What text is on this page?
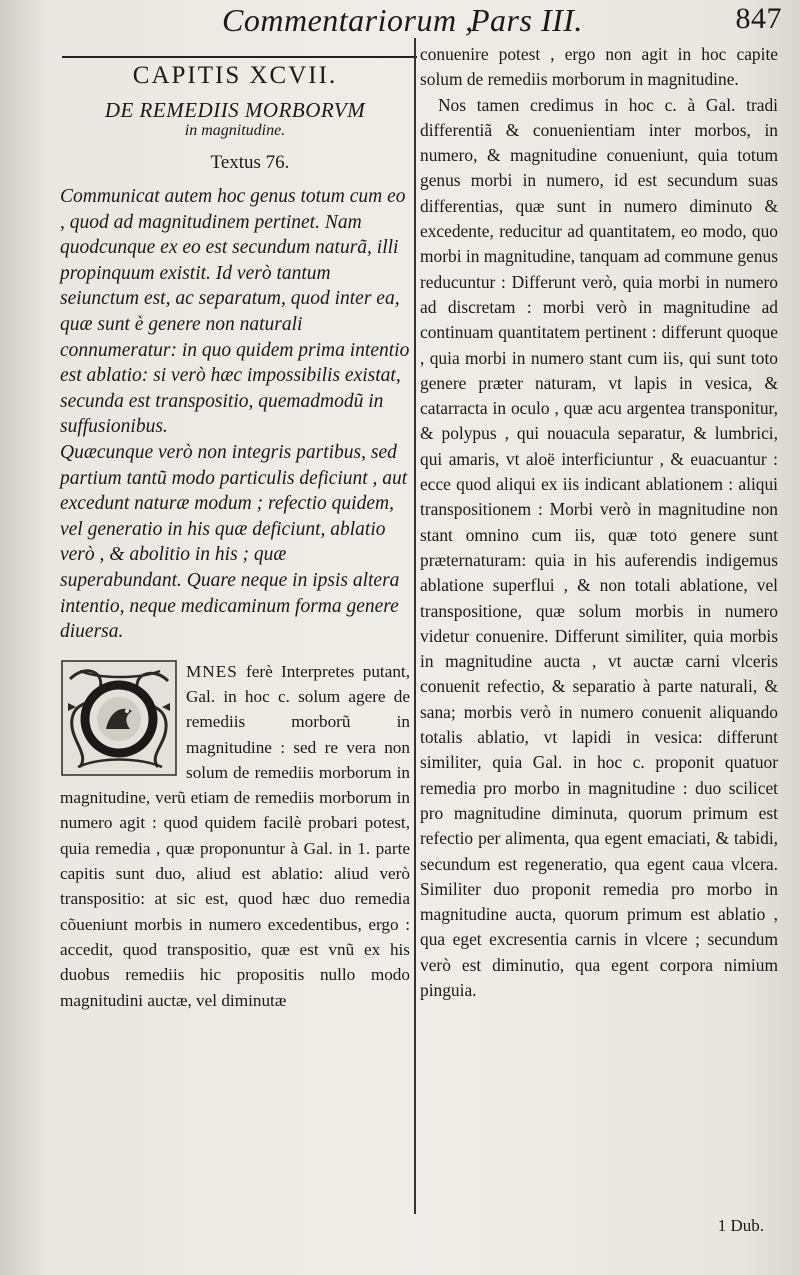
Commentariorum ,
Pars III.	847
CAPITIS XCVII.
DE REMEDIIS MORBORVM
in magnitudine.
Textus 76.

Communicat autem hoc genus totum cum eo , quod ad magnitudinem pertinet. Nam quodcunque ex eo est secundum naturã, illi propinquum existit. Id verò tantum seiunctum est, ac separatum, quod inter ea, quæ sunt è genere non naturali connumeratur: in quo quidem prima intentio est ablatio: si verò hæc impossibilis existat, secunda est transpositio, quemadmodũ in suffusionibus.

Quæcunque verò non integris partibus, sed partium tantũ modo particulis deficiunt , aut excedunt naturæ modum ; refectio quidem, vel generatio in his quæ deficiunt, ablatio verò , & abolitio in his ; quæ superabundant. Quare neque in ipsis altera intentio, neque medicaminum forma genere diuersa.

MNES ferè Interpretes putant, Gal. in hoc c. solum agere de remediis morborũ in magnitudine : sed re vera non solum de remediis morborum in magnitudine, verũ etiam de remediis morborum in numero agit : quod quidem facilè probari potest, quia remedia , quæ proponuntur à Gal. in 1. parte capitis sunt duo, aliud est ablatio: aliud verò transpositio: at sic est, quod hæc duo remedia cõueniunt morbis in numero excedentibus, ergo : accedit, quod transpositio, quæ est vnũ ex his duobus remediis hic propositis nullo modo magnitudini auctæ, vel diminutæ

conuenire potest , ergo non agit in hoc capite solum de remediis morborum in magnitudine.

Nos tamen credimus in hoc c. à Gal. tradi differentiã & conuenientiam inter morbos, in numero, & magnitudine conueniunt, quia totum genus morbi in numero, id est secundum suas differentias, quæ sunt in numero diminuto & excedente, reducitur ad quantitatem, eo modo, quo morbi in magnitudine, tanquam ad commune genus reducuntur : Differunt verò, quia morbi in numero ad discretam : morbi verò in magnitudine ad continuam quantitatem pertinent : differunt quoque , quia morbi in numero stant cum iis, qui sunt toto genere præter naturam, vt lapis in vesica, & catarracta in oculo , quæ acu argentea transponitur, & polypus , qui nouacula separatur, & lumbrici, qui amaris, vt aloë interficiuntur , & euacuantur : ecce quod aliqui ex iis indicant ablationem : aliqui transpositionem : Morbi verò in magnitudine non stant omnino cum iis, quæ toto genere sunt præternaturam: quia in his auferendis indigemus ablatione superflui , & non totali ablatione, vel transpositione, quæ solum morbis in numero videtur conuenire. Differunt similiter, quia morbis in magnitudine aucta , vt auctæ carni vlceris conuenit refectio, & separatio à parte naturali, & sana; morbis verò in numero conuenit aliquando totalis ablatio, vt lapidi in vesica: differunt similiter, quia Gal. in hoc c. proponit quatuor remedia pro morbo in magnitudine : duo scilicet pro magnitudine diminuta, quorum primum est refectio per alimenta, qua egent emaciati, & tabidi, secundum est regeneratio, qua egent caua vlcera. Similiter duo proponit remedia pro morbo in magnitudine aucta, quorum primum est ablatio , qua eget excresentia carnis in vlcere ; secundum verò est diminutio, qua egent corpora nimium pinguia.

1 Dub.
